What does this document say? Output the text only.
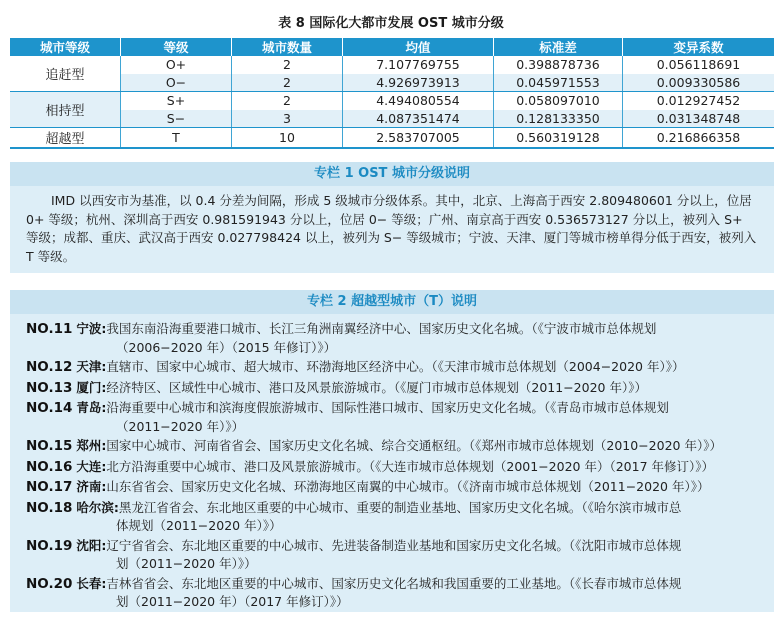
表 8 国际化大都市发展 OST 城市分级
城市等级	等级	城市数量	均值	标准差	变异系数
追赶型	O+	2	7.107769755	0.398878736	0.056118691
	O−	2	4.926973913	0.045971553	0.009330586
相持型	S+	2	4.494080554	0.058097010	0.012927452
	S−	3	4.087351474	0.128133350	0.031348748
超越型	T	10	2.583707005	0.560319128	0.216866358
专栏 1 OST 城市分级说明
IMD 以西安市为基准，以 0.4 分差为间隔，形成 5 级城市分级体系。其中，北京、上海高于西安 2.809480601 分以上，位居 0+ 等级；杭州、深圳高于西安 0.981591943 分以上，位居 0− 等级；广州、南京高于西安 0.536573127 分以上，被列入 S+ 等级；成都、重庆、武汉高于西安 0.027798424 以上，被列为 S− 等级城市；宁波、天津、厦门等城市榜单得分低于西安，被列入 T 等级。
专栏 2 超越型城市（T）说明
NO.11 宁波:我国东南沿海重要港口城市、长江三角洲南翼经济中心、国家历史文化名城。（《宁波市城市总体规划
（2006−2020 年）（2015 年修订）》）
NO.12 天津:直辖市、国家中心城市、超大城市、环渤海地区经济中心。（《天津市城市总体规划（2004−2020 年）》）
NO.13 厦门:经济特区、区域性中心城市、港口及风景旅游城市。（《厦门市城市总体规划（2011−2020 年）》）
NO.14 青岛:沿海重要中心城市和滨海度假旅游城市、国际性港口城市、国家历史文化名城。（《青岛市城市总体规划
（2011−2020 年）》）
NO.15 郑州:国家中心城市、河南省省会、国家历史文化名城、综合交通枢纽。（《郑州市城市总体规划（2010−2020 年）》）
NO.16 大连:北方沿海重要中心城市、港口及风景旅游城市。（《大连市城市总体规划（2001−2020 年）（2017 年修订）》）
NO.17 济南:山东省省会、国家历史文化名城、环渤海地区南翼的中心城市。（《济南市城市总体规划（2011−2020 年）》）
NO.18 哈尔滨:黑龙江省省会、东北地区重要的中心城市、重要的制造业基地、国家历史文化名城。（《哈尔滨市城市总
体规划（2011−2020 年）》）
NO.19 沈阳:辽宁省省会、东北地区重要的中心城市、先进装备制造业基地和国家历史文化名城。（《沈阳市城市总体规
划（2011−2020 年）》）
NO.20 长春:吉林省省会、东北地区重要的中心城市、国家历史文化名城和我国重要的工业基地。（《长春市城市总体规
划（2011−2020 年）（2017 年修订）》）
